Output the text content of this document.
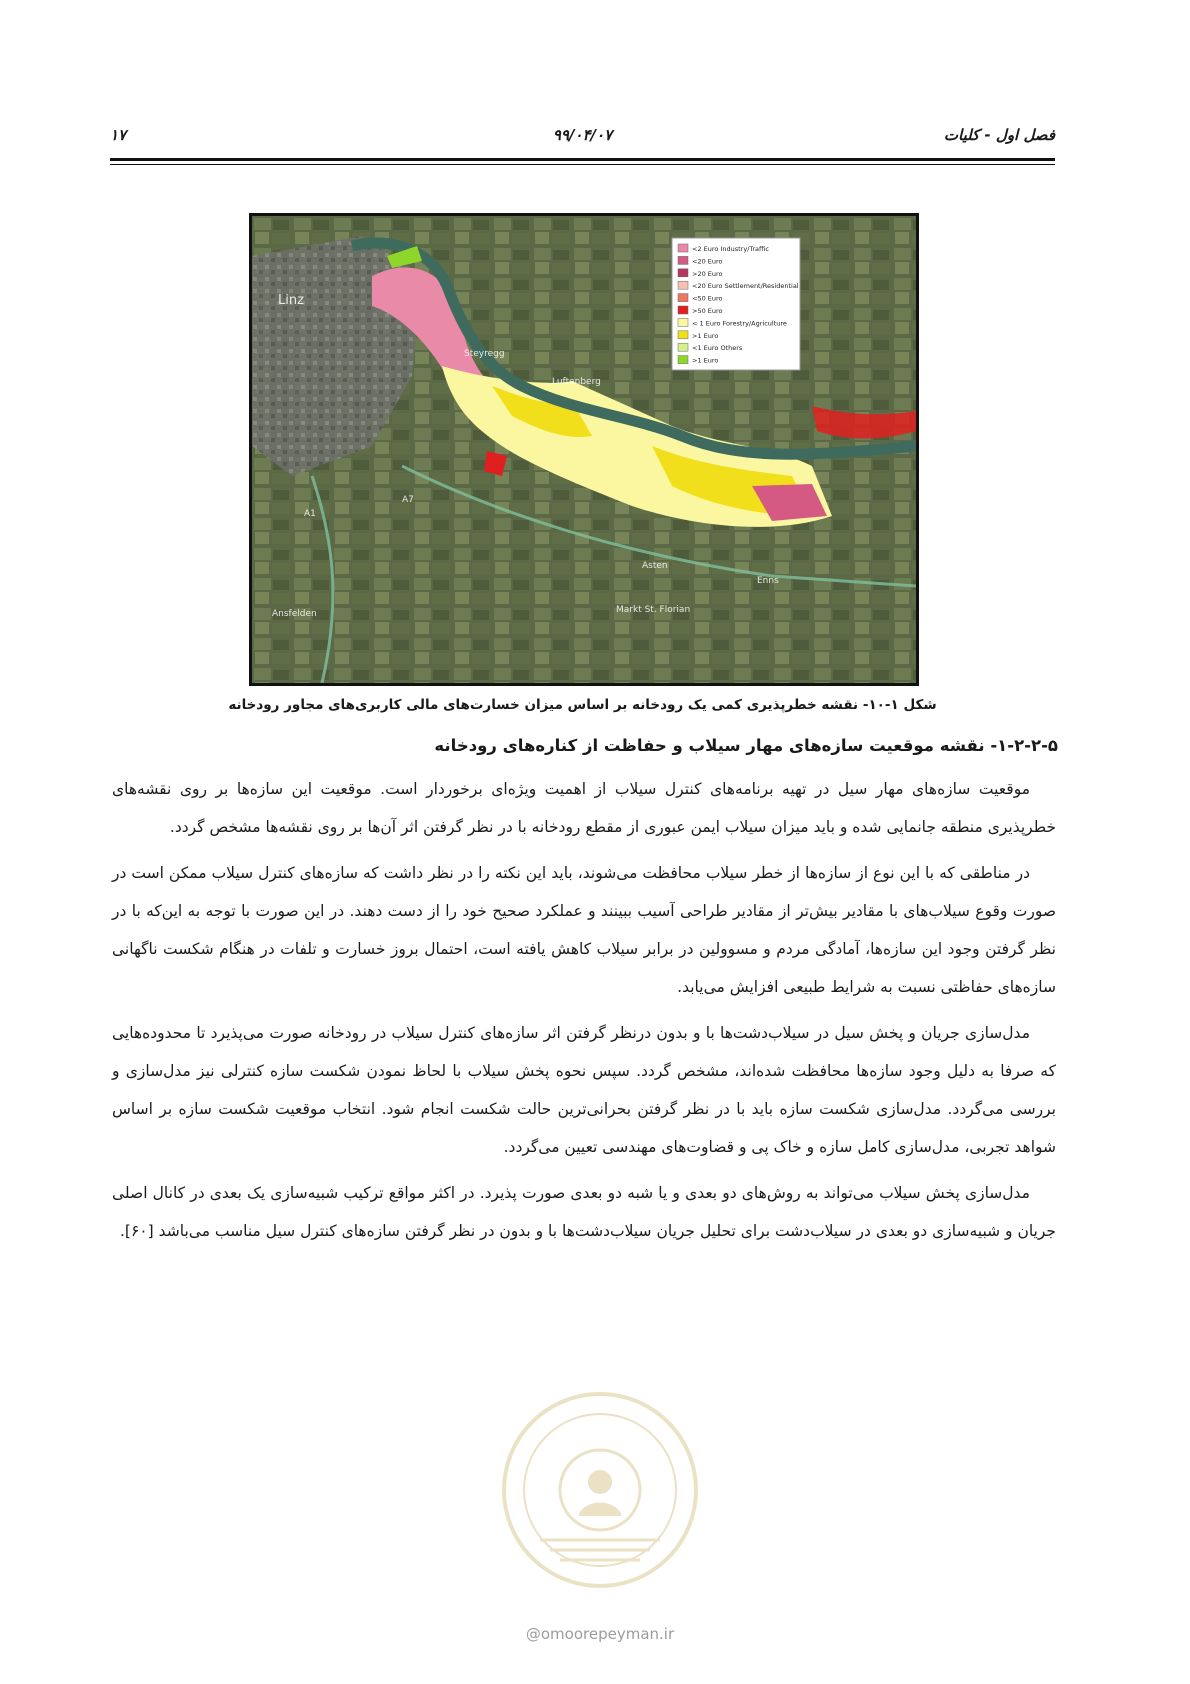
فصل اول - کلیات
۹۹/۰۴/۰۷
۱۷
Linz
Steyregg
Luftenberg
Asten
Enns
Markt St. Florian
Ansfelden
A1
A7
<2 Euro Industry/Traffic
<20 Euro
>20 Euro
<20 Euro Settlement/Residential
<50 Euro
>50 Euro
< 1 Euro Forestry/Agriculture
>1 Euro
<1 Euro Others
>1 Euro
شکل ۱-۱۰- نقشه خطرپذیری کمی یک رودخانه بر اساس میزان خسارت‌های مالی کاربری‌های مجاور رودخانه
۱-۲-۲-۵- نقشه موقعیت سازه‌های مهار سیلاب و حفاظت از کناره‌های رودخانه

موقعیت سازه‌های مهار سیل در تهیه برنامه‌های کنترل سیلاب از اهمیت ویژه‌ای برخوردار است. موقعیت این سازه‌ها بر روی نقشه‌های خطرپذیری منطقه جانمایی شده و باید میزان سیلاب ایمن عبوری از مقطع رودخانه با در نظر گرفتن اثر آن‌ها بر روی نقشه‌ها مشخص گردد.

در مناطقی که با این نوع از سازه‌ها از خطر سیلاب محافظت می‌شوند، باید این نکته را در نظر داشت که سازه‌های کنترل سیلاب ممکن است در صورت وقوع سیلاب‌های با مقادیر بیش‌تر از مقادیر طراحی آسیب ببینند و عملکرد صحیح خود را از دست دهند. در این صورت با توجه به این‌که با در نظر گرفتن وجود این سازه‌ها، آمادگی مردم و مسوولین در برابر سیلاب کاهش یافته است، احتمال بروز خسارت و تلفات در هنگام شکست ناگهانی سازه‌های حفاظتی نسبت به شرایط طبیعی افزایش می‌یابد.

مدل‌سازی جریان و پخش سیل در سیلاب‌دشت‌ها با و بدون درنظر گرفتن اثر سازه‌های کنترل سیلاب در رودخانه صورت می‌پذیرد تا محدوده‌هایی که صرفا به دلیل وجود سازه‌ها محافظت شده‌اند، مشخص گردد. سپس نحوه پخش سیلاب با لحاظ نمودن شکست سازه کنترلی نیز مدل‌سازی و بررسی می‌گردد. مدل‌سازی شکست سازه باید با در نظر گرفتن بحرانی‌ترین حالت شکست انجام شود. انتخاب موقعیت شکست سازه بر اساس شواهد تجربی، مدل‌سازی کامل سازه و خاک پی و قضاوت‌های مهندسی تعیین می‌گردد.

مدل‌سازی پخش سیلاب می‌تواند به روش‌های دو بعدی و یا شبه دو بعدی صورت پذیرد. در اکثر مواقع ترکیب شبیه‌سازی یک بعدی در کانال اصلی جریان و شبیه‌سازی دو بعدی در سیلاب‌دشت برای تحلیل جریان سیلاب‌دشت‌ها با و بدون در نظر گرفتن سازه‌های کنترل سیل مناسب می‌باشد [۶۰].

@omoorepeyman.ir
